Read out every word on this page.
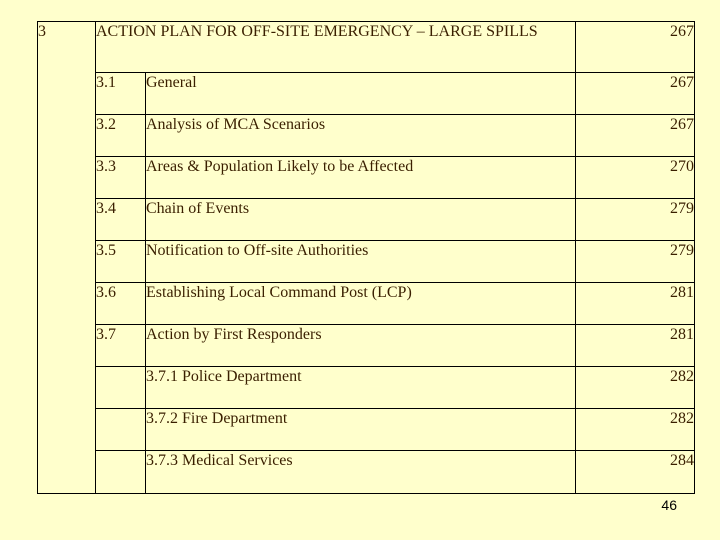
3	ACTION PLAN FOR OFF-SITE EMERGENCY – LARGE SPILLS		267
	3.1	General	267
	3.2	Analysis of MCA Scenarios	267
	3.3	Areas & Population Likely to be Affected	270
	3.4	Chain of Events	279
	3.5	Notification to Off-site Authorities	279
	3.6	Establishing Local Command Post (LCP)	281
	3.7	Action by First Responders	281
		3.7.1 Police Department	282
		3.7.2 Fire Department	282
		3.7.3 Medical Services	284
46
